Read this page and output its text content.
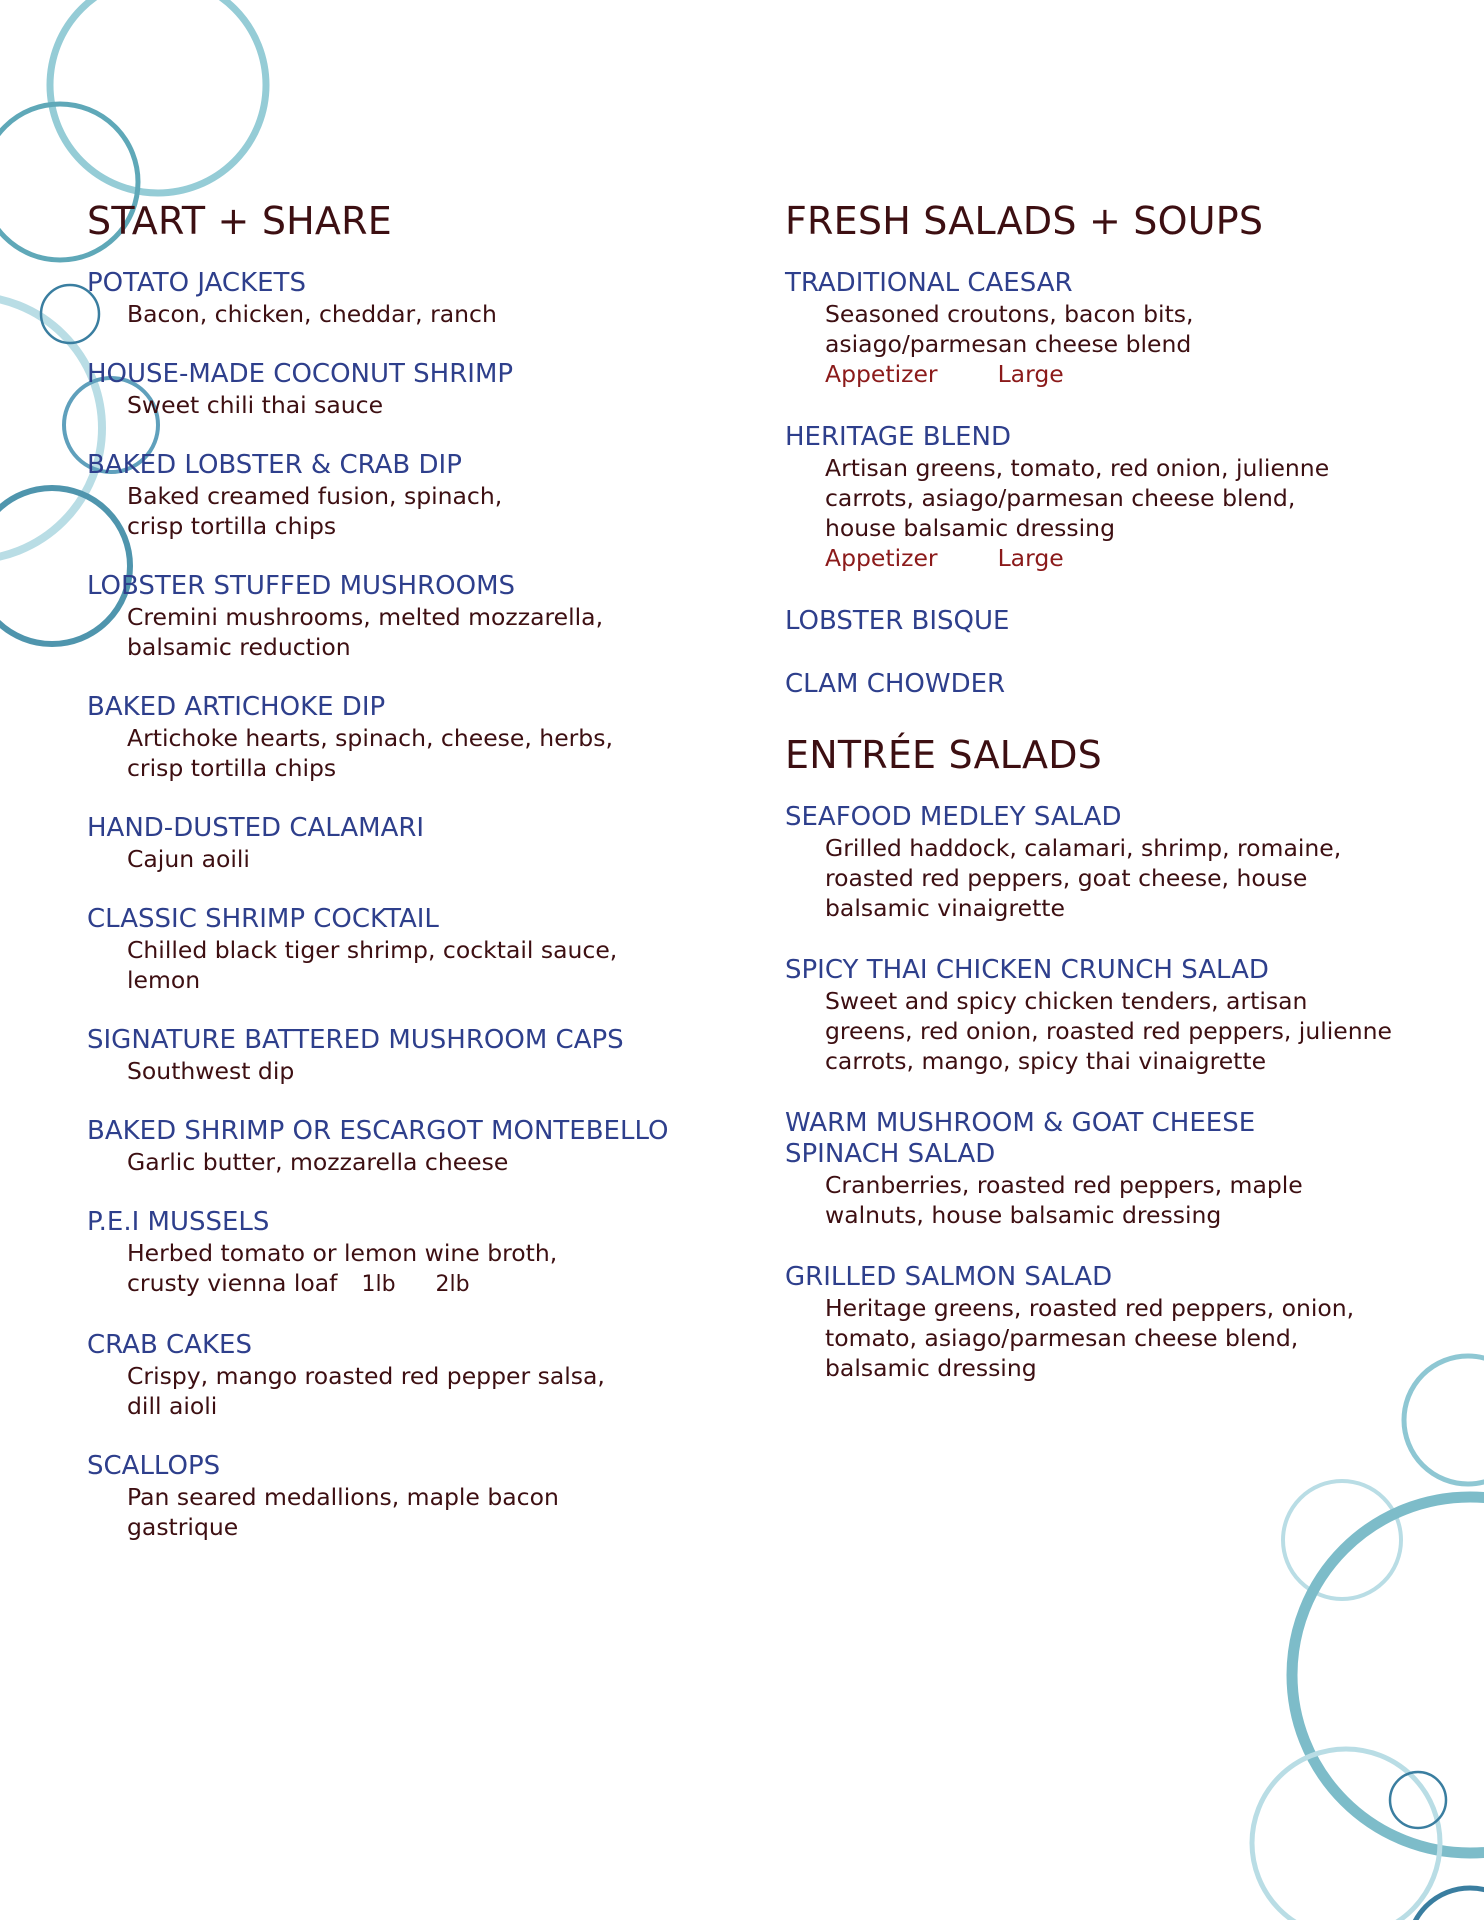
START + SHARE

POTATO JACKETS

Bacon, chicken, cheddar, ranch

HOUSE-MADE COCONUT SHRIMP

Sweet chili thai sauce

BAKED LOBSTER & CRAB DIP

Baked creamed fusion, spinach,
crisp tortilla chips

LOBSTER STUFFED MUSHROOMS

Cremini mushrooms, melted mozzarella,
balsamic reduction

BAKED ARTICHOKE DIP

Artichoke hearts, spinach, cheese, herbs,
crisp tortilla chips

HAND-DUSTED CALAMARI

Cajun aoili

CLASSIC SHRIMP COCKTAIL

Chilled black tiger shrimp, cocktail sauce,
lemon

SIGNATURE BATTERED MUSHROOM CAPS

Southwest dip

BAKED SHRIMP OR ESCARGOT MONTEBELLO

Garlic butter, mozzarella cheese

P.E.I MUSSELS

Herbed tomato or lemon wine broth,
crusty vienna loaf 1lb 2lb

CRAB CAKES

Crispy, mango roasted red pepper salsa,
dill aioli

SCALLOPS

Pan seared medallions, maple bacon
gastrique

FRESH SALADS + SOUPS

TRADITIONAL CAESAR

Seasoned croutons, bacon bits,
asiago/parmesan cheese blend

Appetizer	Large

HERITAGE BLEND

Artisan greens, tomato, red onion, julienne
carrots, asiago/parmesan cheese blend,
house balsamic dressing

Appetizer	Large

LOBSTER BISQUE

CLAM CHOWDER

ENTRÉE SALADS

SEAFOOD MEDLEY SALAD

Grilled haddock, calamari, shrimp, romaine,
roasted red peppers, goat cheese, house
balsamic vinaigrette

SPICY THAI CHICKEN CRUNCH SALAD

Sweet and spicy chicken tenders, artisan
greens, red onion, roasted red peppers, julienne
carrots, mango, spicy thai vinaigrette

WARM MUSHROOM & GOAT CHEESE
SPINACH SALAD

Cranberries, roasted red peppers, maple
walnuts, house balsamic dressing

GRILLED SALMON SALAD

Heritage greens, roasted red peppers, onion,
tomato, asiago/parmesan cheese blend,
balsamic dressing
